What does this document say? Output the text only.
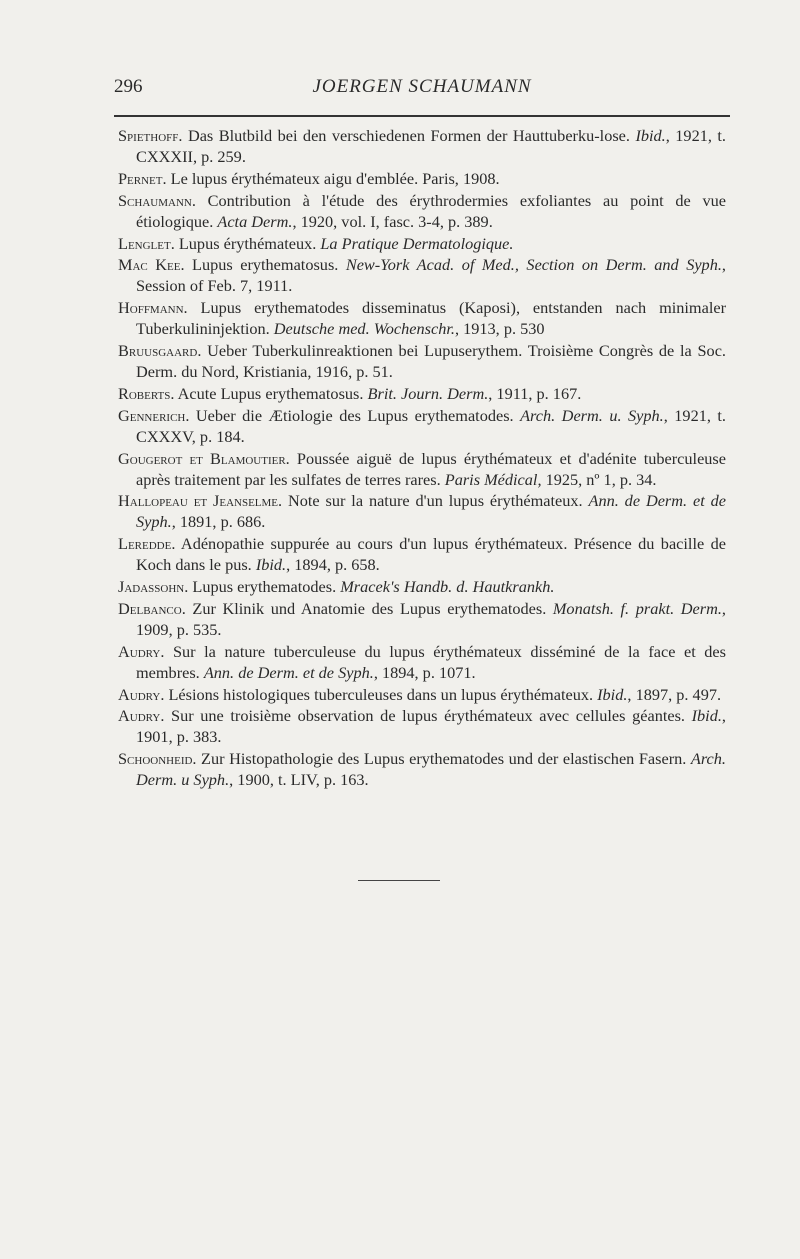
296	JOERGEN SCHAUMANN
Spiethoff. Das Blutbild bei den verschiedenen Formen der Hauttuberku-lose. Ibid., 1921, t. CXXXII, p. 259.
Pernet. Le lupus érythémateux aigu d'emblée. Paris, 1908.
Schaumann. Contribution à l'étude des érythrodermies exfoliantes au point de vue étiologique. Acta Derm., 1920, vol. I, fasc. 3-4, p. 389.
Lenglet. Lupus érythémateux. La Pratique Dermatologique.
Mac Kee. Lupus erythematosus. New-York Acad. of Med., Section on Derm. and Syph., Session of Feb. 7, 1911.
Hoffmann. Lupus erythematodes disseminatus (Kaposi), entstanden nach minimaler Tuberkulininjektion. Deutsche med. Wochenschr., 1913, p. 530
Bruusgaard. Ueber Tuberkulinreaktionen bei Lupuserythem. Troisième Congrès de la Soc. Derm. du Nord, Kristiania, 1916, p. 51.
Roberts. Acute Lupus erythematosus. Brit. Journ. Derm., 1911, p. 167.
Gennerich. Ueber die Ætiologie des Lupus erythematodes. Arch. Derm. u. Syph., 1921, t. CXXXV, p. 184.
Gougerot et Blamoutier. Poussée aiguë de lupus érythémateux et d'adénite tuberculeuse après traitement par les sulfates de terres rares. Paris Médical, 1925, nº 1, p. 34.
Hallopeau et Jeanselme. Note sur la nature d'un lupus érythémateux. Ann. de Derm. et de Syph., 1891, p. 686.
Leredde. Adénopathie suppurée au cours d'un lupus érythémateux. Présence du bacille de Koch dans le pus. Ibid., 1894, p. 658.
Jadassohn. Lupus erythematodes. Mracek's Handb. d. Hautkrankh.
Delbanco. Zur Klinik und Anatomie des Lupus erythematodes. Monatsh. f. prakt. Derm., 1909, p. 535.
Audry. Sur la nature tuberculeuse du lupus érythémateux disséminé de la face et des membres. Ann. de Derm. et de Syph., 1894, p. 1071.
Audry. Lésions histologiques tuberculeuses dans un lupus érythémateux. Ibid., 1897, p. 497.
Audry. Sur une troisième observation de lupus érythémateux avec cellules géantes. Ibid., 1901, p. 383.
Schoonheid. Zur Histopathologie des Lupus erythematodes und der elastischen Fasern. Arch. Derm. u Syph., 1900, t. LIV, p. 163.
